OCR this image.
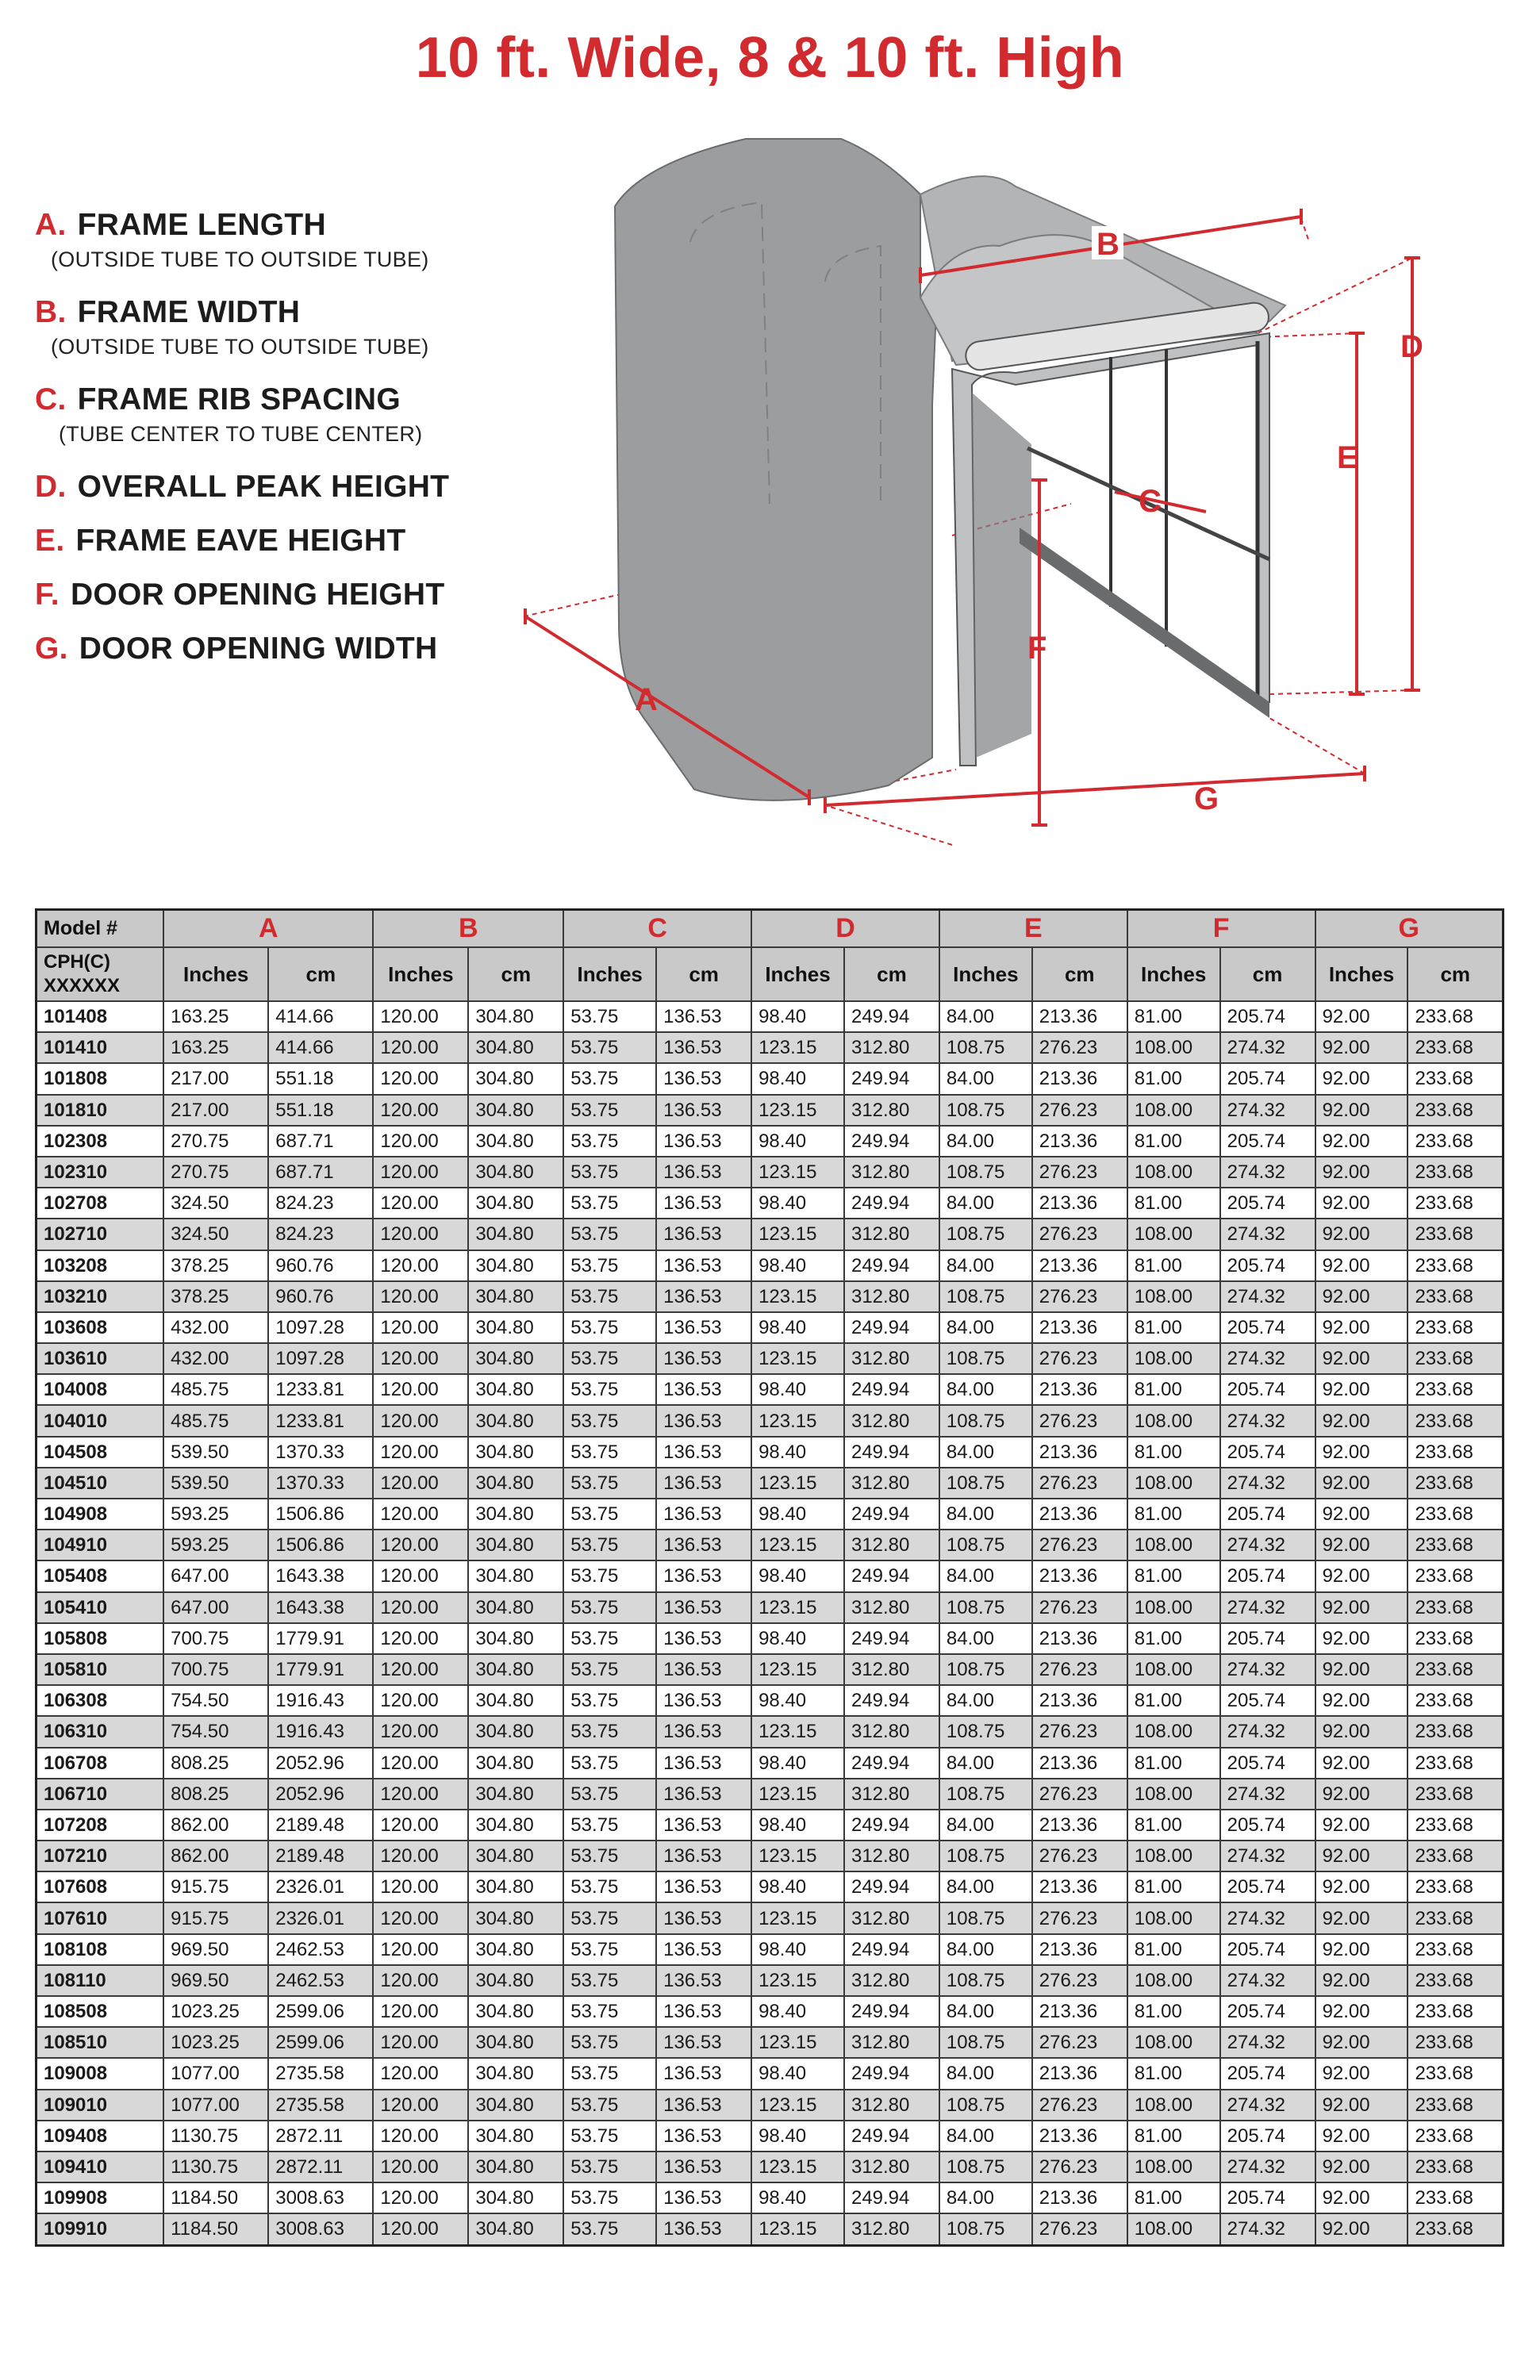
10 ft. Wide, 8 & 10 ft. High
A. FRAME LENGTH
(OUTSIDE TUBE TO OUTSIDE TUBE)
B. FRAME WIDTH
(OUTSIDE TUBE TO OUTSIDE TUBE)
C. FRAME RIB SPACING
(TUBE CENTER TO TUBE CENTER)
D. OVERALL PEAK HEIGHT
E. FRAME EAVE HEIGHT
F. DOOR OPENING HEIGHT
G. DOOR OPENING WIDTH
A
B
C
D
E
F
G
Model #	A		B		C		D		E		F		G	
CPH(C)
XXXXXX	Inches	cm	Inches	cm	Inches	cm	Inches	cm	Inches	cm	Inches	cm	Inches	cm
101408	163.25	414.66	120.00	304.80	53.75	136.53	98.40	249.94	84.00	213.36	81.00	205.74	92.00	233.68
101410	163.25	414.66	120.00	304.80	53.75	136.53	123.15	312.80	108.75	276.23	108.00	274.32	92.00	233.68
101808	217.00	551.18	120.00	304.80	53.75	136.53	98.40	249.94	84.00	213.36	81.00	205.74	92.00	233.68
101810	217.00	551.18	120.00	304.80	53.75	136.53	123.15	312.80	108.75	276.23	108.00	274.32	92.00	233.68
102308	270.75	687.71	120.00	304.80	53.75	136.53	98.40	249.94	84.00	213.36	81.00	205.74	92.00	233.68
102310	270.75	687.71	120.00	304.80	53.75	136.53	123.15	312.80	108.75	276.23	108.00	274.32	92.00	233.68
102708	324.50	824.23	120.00	304.80	53.75	136.53	98.40	249.94	84.00	213.36	81.00	205.74	92.00	233.68
102710	324.50	824.23	120.00	304.80	53.75	136.53	123.15	312.80	108.75	276.23	108.00	274.32	92.00	233.68
103208	378.25	960.76	120.00	304.80	53.75	136.53	98.40	249.94	84.00	213.36	81.00	205.74	92.00	233.68
103210	378.25	960.76	120.00	304.80	53.75	136.53	123.15	312.80	108.75	276.23	108.00	274.32	92.00	233.68
103608	432.00	1097.28	120.00	304.80	53.75	136.53	98.40	249.94	84.00	213.36	81.00	205.74	92.00	233.68
103610	432.00	1097.28	120.00	304.80	53.75	136.53	123.15	312.80	108.75	276.23	108.00	274.32	92.00	233.68
104008	485.75	1233.81	120.00	304.80	53.75	136.53	98.40	249.94	84.00	213.36	81.00	205.74	92.00	233.68
104010	485.75	1233.81	120.00	304.80	53.75	136.53	123.15	312.80	108.75	276.23	108.00	274.32	92.00	233.68
104508	539.50	1370.33	120.00	304.80	53.75	136.53	98.40	249.94	84.00	213.36	81.00	205.74	92.00	233.68
104510	539.50	1370.33	120.00	304.80	53.75	136.53	123.15	312.80	108.75	276.23	108.00	274.32	92.00	233.68
104908	593.25	1506.86	120.00	304.80	53.75	136.53	98.40	249.94	84.00	213.36	81.00	205.74	92.00	233.68
104910	593.25	1506.86	120.00	304.80	53.75	136.53	123.15	312.80	108.75	276.23	108.00	274.32	92.00	233.68
105408	647.00	1643.38	120.00	304.80	53.75	136.53	98.40	249.94	84.00	213.36	81.00	205.74	92.00	233.68
105410	647.00	1643.38	120.00	304.80	53.75	136.53	123.15	312.80	108.75	276.23	108.00	274.32	92.00	233.68
105808	700.75	1779.91	120.00	304.80	53.75	136.53	98.40	249.94	84.00	213.36	81.00	205.74	92.00	233.68
105810	700.75	1779.91	120.00	304.80	53.75	136.53	123.15	312.80	108.75	276.23	108.00	274.32	92.00	233.68
106308	754.50	1916.43	120.00	304.80	53.75	136.53	98.40	249.94	84.00	213.36	81.00	205.74	92.00	233.68
106310	754.50	1916.43	120.00	304.80	53.75	136.53	123.15	312.80	108.75	276.23	108.00	274.32	92.00	233.68
106708	808.25	2052.96	120.00	304.80	53.75	136.53	98.40	249.94	84.00	213.36	81.00	205.74	92.00	233.68
106710	808.25	2052.96	120.00	304.80	53.75	136.53	123.15	312.80	108.75	276.23	108.00	274.32	92.00	233.68
107208	862.00	2189.48	120.00	304.80	53.75	136.53	98.40	249.94	84.00	213.36	81.00	205.74	92.00	233.68
107210	862.00	2189.48	120.00	304.80	53.75	136.53	123.15	312.80	108.75	276.23	108.00	274.32	92.00	233.68
107608	915.75	2326.01	120.00	304.80	53.75	136.53	98.40	249.94	84.00	213.36	81.00	205.74	92.00	233.68
107610	915.75	2326.01	120.00	304.80	53.75	136.53	123.15	312.80	108.75	276.23	108.00	274.32	92.00	233.68
108108	969.50	2462.53	120.00	304.80	53.75	136.53	98.40	249.94	84.00	213.36	81.00	205.74	92.00	233.68
108110	969.50	2462.53	120.00	304.80	53.75	136.53	123.15	312.80	108.75	276.23	108.00	274.32	92.00	233.68
108508	1023.25	2599.06	120.00	304.80	53.75	136.53	98.40	249.94	84.00	213.36	81.00	205.74	92.00	233.68
108510	1023.25	2599.06	120.00	304.80	53.75	136.53	123.15	312.80	108.75	276.23	108.00	274.32	92.00	233.68
109008	1077.00	2735.58	120.00	304.80	53.75	136.53	98.40	249.94	84.00	213.36	81.00	205.74	92.00	233.68
109010	1077.00	2735.58	120.00	304.80	53.75	136.53	123.15	312.80	108.75	276.23	108.00	274.32	92.00	233.68
109408	1130.75	2872.11	120.00	304.80	53.75	136.53	98.40	249.94	84.00	213.36	81.00	205.74	92.00	233.68
109410	1130.75	2872.11	120.00	304.80	53.75	136.53	123.15	312.80	108.75	276.23	108.00	274.32	92.00	233.68
109908	1184.50	3008.63	120.00	304.80	53.75	136.53	98.40	249.94	84.00	213.36	81.00	205.74	92.00	233.68
109910	1184.50	3008.63	120.00	304.80	53.75	136.53	123.15	312.80	108.75	276.23	108.00	274.32	92.00	233.68
